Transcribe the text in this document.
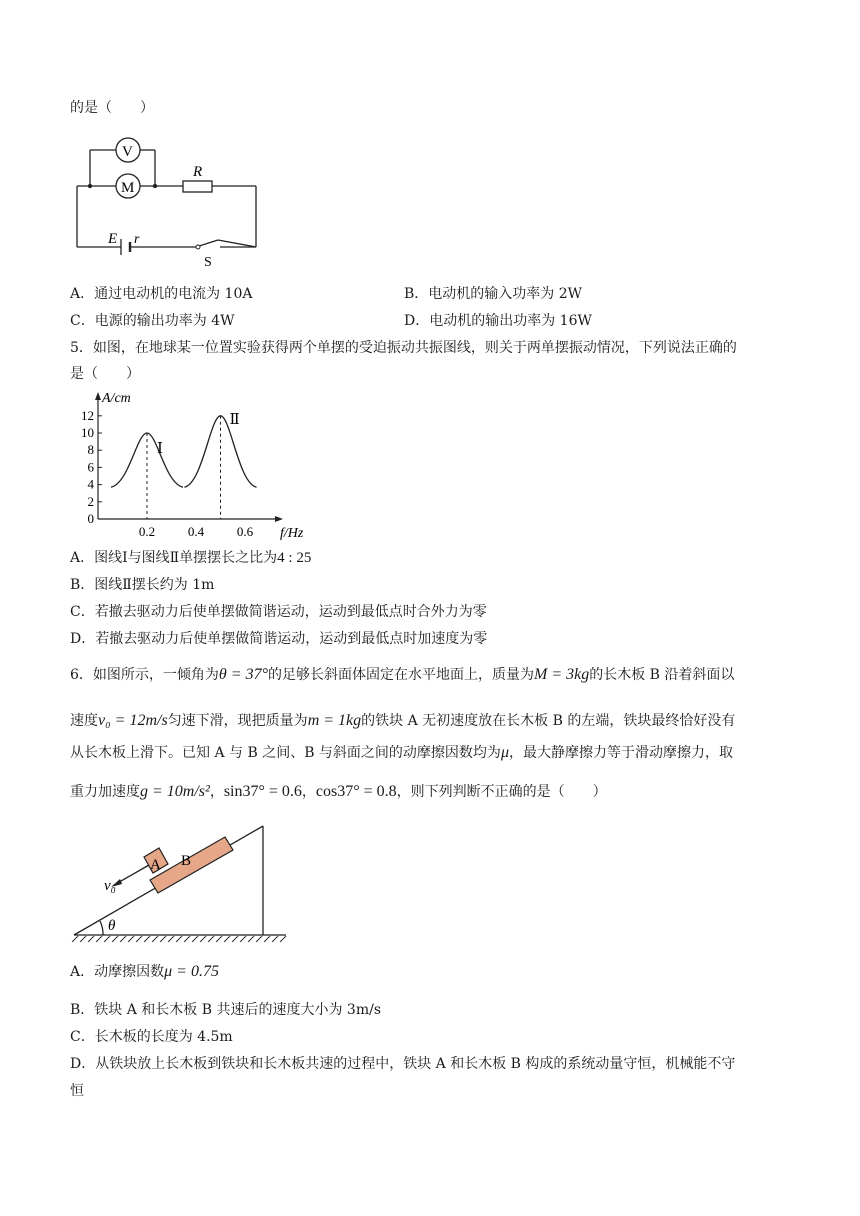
的是（　　）
V
M
R
E r
S
A．通过电动机的电流为 10A	B．电动机的输入功率为 2W
C．电源的输出功率为 4W	D．电动机的输出功率为 16W
5．如图，在地球某一位置实验获得两个单摆的受迫振动共振图线，则关于两单摆振动情况，下列说法正确的
是（　　）
0
2
4
6
8
10
12
0.2	0.4	0.6
Ⅰ
Ⅱ
A/cm
f/Hz
A．图线Ⅰ与图线Ⅱ单摆摆长之比为4 : 25
B．图线Ⅱ摆长约为 1m
C．若撤去驱动力后使单摆做简谐运动，运动到最低点时合外力为零
D．若撤去驱动力后使单摆做简谐运动，运动到最低点时加速度为零
6．如图所示，一倾角为θ = 37°的足够长斜面体固定在水平地面上，质量为M = 3kg的长木板 B 沿着斜面以
速度v₀ = 12m/s匀速下滑，现把质量为m = 1kg的铁块 A 无初速度放在长木板 B 的左端，铁块最终恰好没有
从长木板上滑下。已知 A 与 B 之间、B 与斜面之间的动摩擦因数均为μ，最大静摩擦力等于滑动摩擦力，取
重力加速度g = 10m/s²，sin37° = 0.6，cos37° = 0.8，则下列判断不正确的是（　　）
A B
v₀
θ
A．动摩擦因数μ = 0.75
B．铁块 A 和长木板 B 共速后的速度大小为 3m/s
C．长木板的长度为 4.5m
D．从铁块放上长木板到铁块和长木板共速的过程中，铁块 A 和长木板 B 构成的系统动量守恒，机械能不守
恒
